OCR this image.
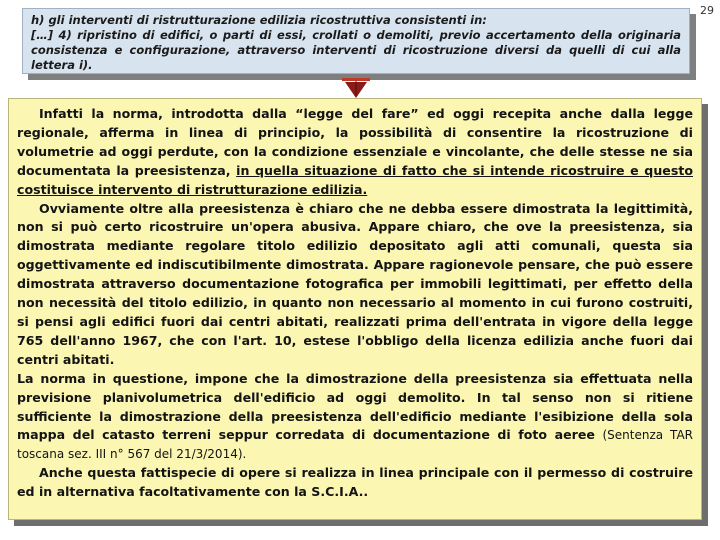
29
h) gli interventi di ristrutturazione edilizia ricostruttiva consistenti in:
[…] 4) ripristino di edifici, o parti di essi, crollati o demoliti, previo accertamento della originaria consistenza e configurazione, attraverso interventi di ricostruzione diversi da quelli di cui alla lettera i).

Infatti la norma, introdotta dalla “legge del fare” ed oggi recepita anche dalla legge regionale, afferma in linea di principio, la possibilità di consentire la ricostruzione di volumetrie ad oggi perdute, con la condizione essenziale e vincolante, che delle stesse ne sia documentata la preesistenza, in quella situazione di fatto che si intende ricostruire e questo costituisce intervento di ristrutturazione edilizia.

Ovviamente oltre alla preesistenza è chiaro che ne debba essere dimostrata la legittimità, non si può certo ricostruire un'opera abusiva. Appare chiaro, che ove la preesistenza, sia dimostrata mediante regolare titolo edilizio depositato agli atti comunali, questa sia oggettivamente ed indiscutibilmente dimostrata. Appare ragionevole pensare, che può essere dimostrata attraverso documentazione fotografica per immobili legittimati, per effetto della non necessità del titolo edilizio, in quanto non necessario al momento in cui furono costruiti, si pensi agli edifici fuori dai centri abitati, realizzati prima dell'entrata in vigore della legge 765 dell'anno 1967, che con l'art. 10, estese l'obbligo della licenza edilizia anche fuori dai centri abitati.

La norma in questione, impone che la dimostrazione della preesistenza sia effettuata nella previsione planivolumetrica dell'edificio ad oggi demolito. In tal senso non si ritiene sufficiente la dimostrazione della preesistenza dell'edificio mediante l'esibizione della sola mappa del catasto terreni seppur corredata di documentazione di foto aeree (Sentenza TAR toscana sez. III n° 567 del 21/3/2014).

Anche questa fattispecie di opere si realizza in linea principale con il permesso di costruire ed in alternativa facoltativamente con la S.C.I.A..
